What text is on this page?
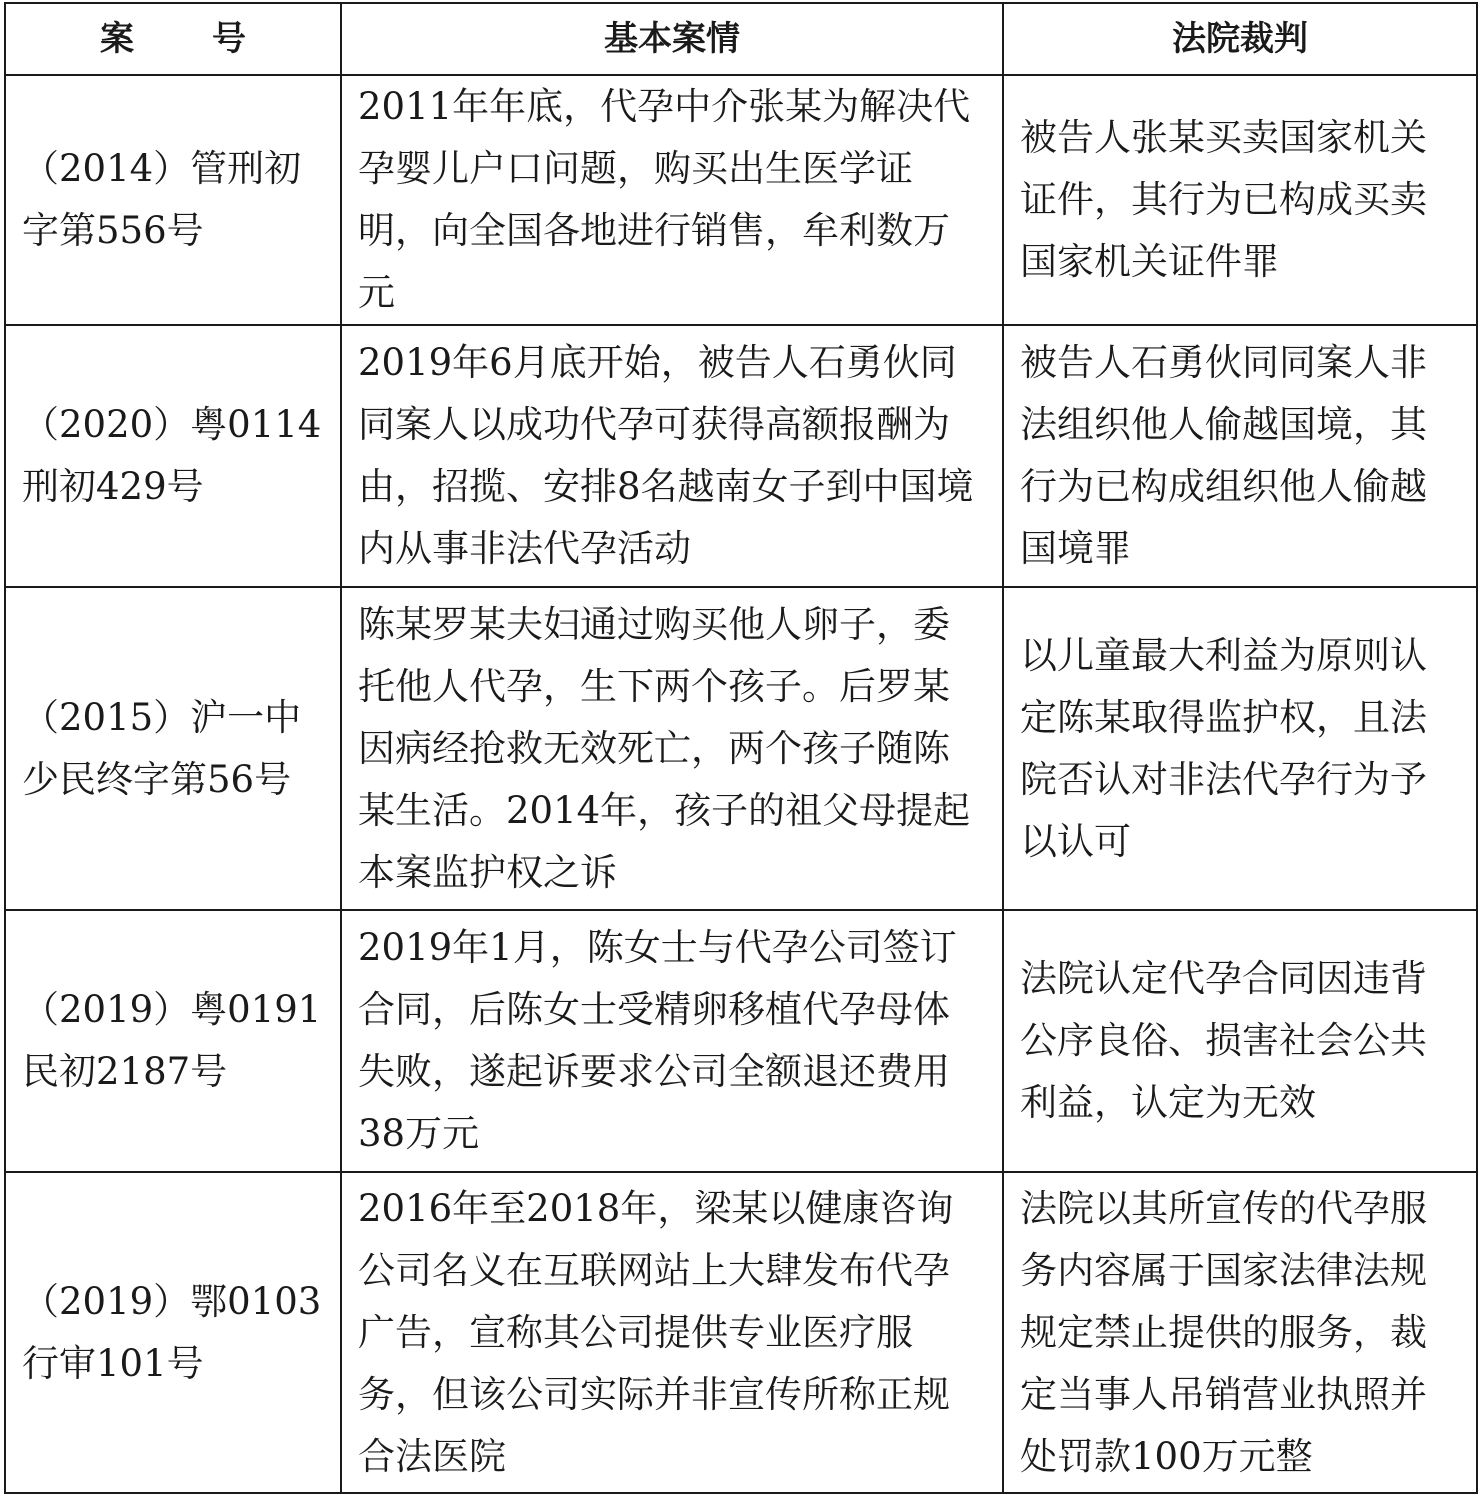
案 号	基本案情	法院裁判
（2014）管刑初字第556号	2011年年底，代孕中介张某为解决代孕婴儿户口问题，购买出生医学证明，向全国各地进行销售，牟利数万元	被告人张某买卖国家机关证件，其行为已构成买卖国家机关证件罪
（2020）粤0114刑初429号	2019年6月底开始，被告人石勇伙同同案人以成功代孕可获得高额报酬为由，招揽、安排8名越南女子到中国境内从事非法代孕活动	被告人石勇伙同同案人非法组织他人偷越国境，其行为已构成组织他人偷越国境罪
（2015）沪一中少民终字第56号	陈某罗某夫妇通过购买他人卵子，委托他人代孕，生下两个孩子。后罗某因病经抢救无效死亡，两个孩子随陈某生活。2014年，孩子的祖父母提起本案监护权之诉	以儿童最大利益为原则认定陈某取得监护权，且法院否认对非法代孕行为予以认可
（2019）粤0191民初2187号	2019年1月，陈女士与代孕公司签订合同，后陈女士受精卵移植代孕母体失败，遂起诉要求公司全额退还费用38万元	法院认定代孕合同因违背公序良俗、损害社会公共利益，认定为无效
（2019）鄂0103行审101号	2016年至2018年，梁某以健康咨询公司名义在互联网站上大肆发布代孕广告，宣称其公司提供专业医疗服务，但该公司实际并非宣传所称正规合法医院	法院以其所宣传的代孕服务内容属于国家法律法规规定禁止提供的服务，裁定当事人吊销营业执照并处罚款100万元整
